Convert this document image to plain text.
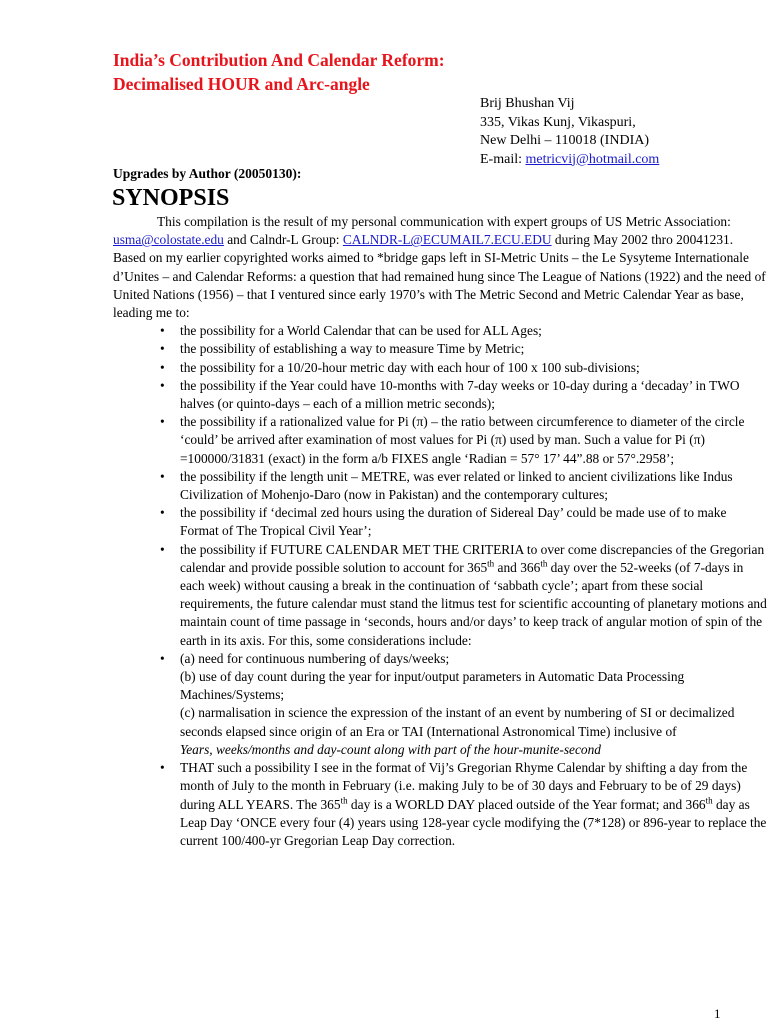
India’s Contribution And Calendar Reform:
Decimalised HOUR and Arc-angle
Brij Bhushan Vij
335, Vikas Kunj, Vikaspuri,
New Delhi – 110018 (INDIA)
E-mail: metricvij@hotmail.com
Upgrades by Author (20050130):
SYNOPSIS

This compilation is the result of my personal communication with expert groups of US Metric Association: usma@colostate.edu and Calndr-L Group: CALNDR-L@ECUMAIL7.ECU.EDU during May 2002 thro 20041231. Based on my earlier copyrighted works aimed to *bridge gaps left in SI-Metric Units – the Le Sysyteme Internationale d’Unites – and Calendar Reforms: a question that had remained hung since The League of Nations (1922) and the need of United Nations (1956) – that I ventured since early 1970’s with The Metric Second and Metric Calendar Year as base, leading me to:

• the possibility for a World Calendar that can be used for ALL Ages;
• the possibility of establishing a way to measure Time by Metric;
• the possibility for a 10/20-hour metric day with each hour of 100 x 100 sub-divisions;
• the possibility if the Year could have 10-months with 7-day weeks or 10-day during a ‘decaday’ in TWO halves (or quinto-days – each of a million metric seconds);
• the possibility if a rationalized value for Pi (π) – the ratio between circumference to diameter of the circle ‘could’ be arrived after examination of most values for Pi (π) used by man. Such a value for Pi (π) =100000/31831 (exact) in the form a/b FIXES angle ‘Radian = 57° 17’ 44”.88 or 57°.2958’;
• the possibility if the length unit – METRE, was ever related or linked to ancient civilizations like Indus Civilization of Mohenjo-Daro (now in Pakistan) and the contemporary cultures;
• the possibility if ‘decimal zed hours using the duration of Sidereal Day’ could be made use of to make Format of The Tropical Civil Year’;
• the possibility if FUTURE CALENDAR MET THE CRITERIA to over come discrepancies of the Gregorian calendar and provide possible solution to account for 365th and 366th day over the 52-weeks (of 7-days in each week) without causing a break in the continuation of ‘sabbath cycle’; apart from these social requirements, the future calendar must stand the litmus test for scientific accounting of planetary motions and maintain count of time passage in ‘seconds, hours and/or days’ to keep track of angular motion of spin of the earth in its axis. For this, some considerations include:
• (a) need for continuous numbering of days/weeks;
(b) use of day count during the year for input/output parameters in Automatic Data Processing Machines/Systems;
(c) narmalisation in science the expression of the instant of an event by numbering of SI or decimalized seconds elapsed since origin of an Era or TAI (International Astronomical Time) inclusive of Years, weeks/months and day-count along with part of the hour-munite-second
• THAT such a possibility I see in the format of Vij’s Gregorian Rhyme Calendar by shifting a day from the month of July to the month in February (i.e. making July to be of 30 days and February to be of 29 days) during ALL YEARS. The 365th day is a WORLD DAY placed outside of the Year format; and 366th day as Leap Day ‘ONCE every four (4) years using 128-year cycle modifying the (7*128) or 896-year to replace the current 100/400-yr Gregorian Leap Day correction.
1
